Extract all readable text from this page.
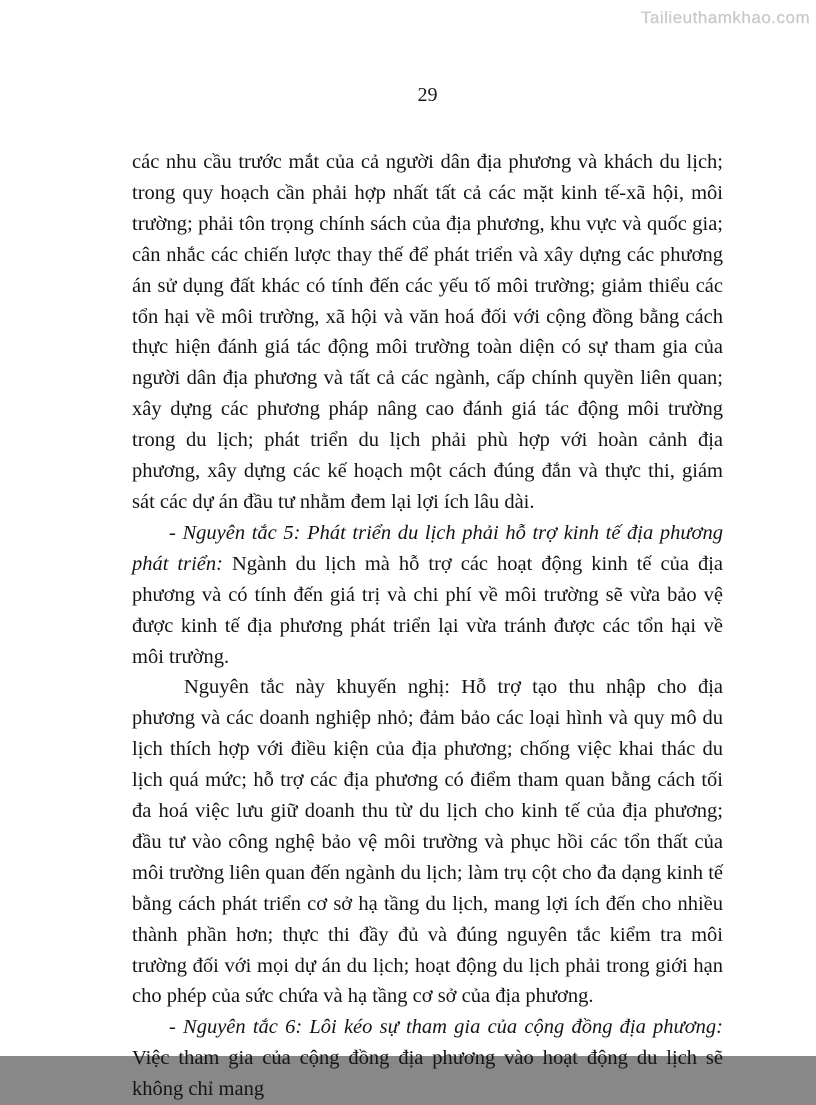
Tailieuthamkhao.com
29

các nhu cầu trước mắt của cả người dân địa phương và khách du lịch; trong quy hoạch cần phải hợp nhất tất cả các mặt kinh tế-xã hội, môi trường; phải tôn trọng chính sách của địa phương, khu vực và quốc gia; cân nhắc các chiến lược thay thế để phát triển và xây dựng các phương án sử dụng đất khác có tính đến các yếu tố môi trường; giảm thiểu các tổn hại về môi trường, xã hội và văn hoá đối với cộng đồng bằng cách thực hiện đánh giá tác động môi trường toàn diện có sự tham gia của người dân địa phương và tất cả các ngành, cấp chính quyền liên quan; xây dựng các phương pháp nâng cao đánh giá tác động môi trường trong du lịch; phát triển du lịch phải phù hợp với hoàn cảnh địa phương, xây dựng các kế hoạch một cách đúng đắn và thực thi, giám sát các dự án đầu tư nhằm đem lại lợi ích lâu dài.

- Nguyên tắc 5: Phát triển du lịch phải hỗ trợ kinh tế địa phương phát triển: Ngành du lịch mà hỗ trợ các hoạt động kinh tế của địa phương và có tính đến giá trị và chi phí về môi trường sẽ vừa bảo vệ được kinh tế địa phương phát triển lại vừa tránh được các tổn hại về môi trường.

Nguyên tắc này khuyến nghị: Hỗ trợ tạo thu nhập cho địa phương và các doanh nghiệp nhỏ; đảm bảo các loại hình và quy mô du lịch thích hợp với điều kiện của địa phương; chống việc khai thác du lịch quá mức; hỗ trợ các địa phương có điểm tham quan bằng cách tối đa hoá việc lưu giữ doanh thu từ du lịch cho kinh tế của địa phương; đầu tư vào công nghệ bảo vệ môi trường và phục hồi các tổn thất của môi trường liên quan đến ngành du lịch; làm trụ cột cho đa dạng kinh tế bằng cách phát triển cơ sở hạ tầng du lịch, mang lợi ích đến cho nhiều thành phần hơn; thực thi đầy đủ và đúng nguyên tắc kiểm tra môi trường đối với mọi dự án du lịch; hoạt động du lịch phải trong giới hạn cho phép của sức chứa và hạ tầng cơ sở của địa phương.

- Nguyên tắc 6: Lôi kéo sự tham gia của cộng đồng địa phương: Việc tham gia của cộng đồng địa phương vào hoạt động du lịch sẽ không chỉ mang
